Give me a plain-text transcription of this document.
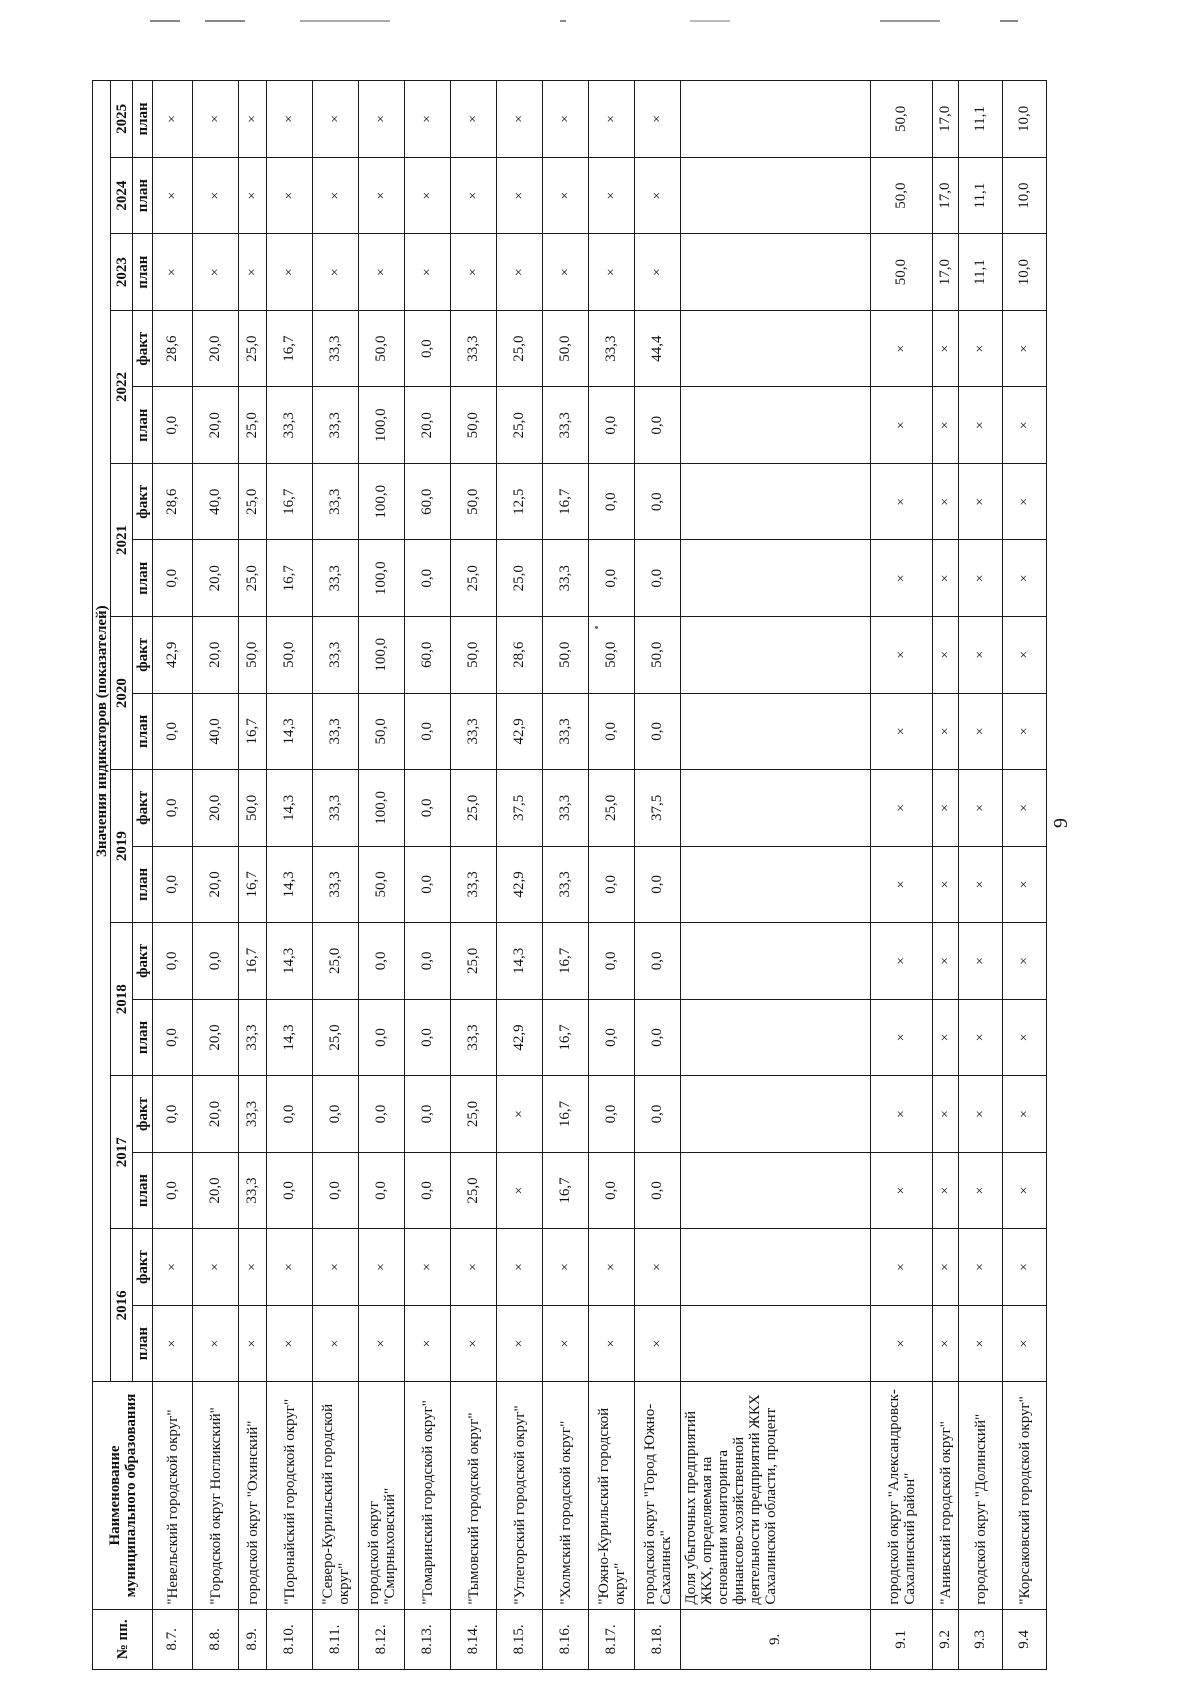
9
№ пп.	Наименование муниципального образования	Значения индикаторов (показателей)																
		2016		2017		2018		2019		2020		2021		2022		2023	2024	2025
		план	факт	план	факт	план	факт	план	факт	план	факт	план	факт	план	факт	план	план	план
8.7.	"Невельский городской округ"	×	×	0,0	0,0	0,0	0,0	0,0	0,0	0,0	42,9	0,0	28,6	0,0	28,6	×	×	×
8.8.	"Городской округ Ногликский"	×	×	20,0	20,0	20,0	0,0	20,0	20,0	40,0	20,0	20,0	40,0	20,0	20,0	×	×	×
8.9.	городской округ "Охинский"	×	×	33,3	33,3	33,3	16,7	16,7	50,0	16,7	50,0	25,0	25,0	25,0	25,0	×	×	×
8.10.	"Поронайский городской округ"	×	×	0,0	0,0	14,3	14,3	14,3	14,3	14,3	50,0	16,7	16,7	33,3	16,7	×	×	×
8.11.	"Северо-Курильский городской округ"	×	×	0,0	0,0	25,0	25,0	33,3	33,3	33,3	33,3	33,3	33,3	33,3	33,3	×	×	×
8.12.	городской округ "Смирныховский"	×	×	0,0	0,0	0,0	0,0	50,0	100,0	50,0	100,0	100,0	100,0	100,0	50,0	×	×	×
8.13.	"Томаринский городской округ"	×	×	0,0	0,0	0,0	0,0	0,0	0,0	0,0	60,0	0,0	60,0	20,0	0,0	×	×	×
8.14.	"Тымовский городской округ"	×	×	25,0	25,0	33,3	25,0	33,3	25,0	33,3	50,0	25,0	50,0	50,0	33,3	×	×	×
8.15.	"Углегорский городской округ"	×	×	×	×	42,9	14,3	42,9	37,5	42,9	28,6	25,0	12,5	25,0	25,0	×	×	×
8.16.	"Холмский городской округ"	×	×	16,7	16,7	16,7	16,7	33,3	33,3	33,3	50,0	33,3	16,7	33,3	50,0	×	×	×
8.17.	"Южно-Курильский городской округ"	×	×	0,0	0,0	0,0	0,0	0,0	25,0	0,0	50,0	0,0	0,0	0,0	33,3	×	×	×
8.18.	городской округ "Город Южно-Сахалинск"	×	×	0,0	0,0	0,0	0,0	0,0	37,5	0,0	50,0	0,0	0,0	0,0	44,4	×	×	×
9.	Доля убыточных предприятий ЖКХ, определяемая на основании мониторинга финансово-хозяйственной деятельности предприятий ЖКХ Сахалинской области, процент																	
9.1	городской округ "Александровск-Сахалинский район"	×	×	×	×	×	×	×	×	×	×	×	×	×	×	50,0	50,0	50,0
9.2	"Анивский городской округ"	×	×	×	×	×	×	×	×	×	×	×	×	×	×	17,0	17,0	17,0
9.3	городской округ "Долинский"	×	×	×	×	×	×	×	×	×	×	×	×	×	×	11,1	11,1	11,1
9.4	"Корсаковский городской округ"	×	×	×	×	×	×	×	×	×	×	×	×	×	×	10,0	10,0	10,0
